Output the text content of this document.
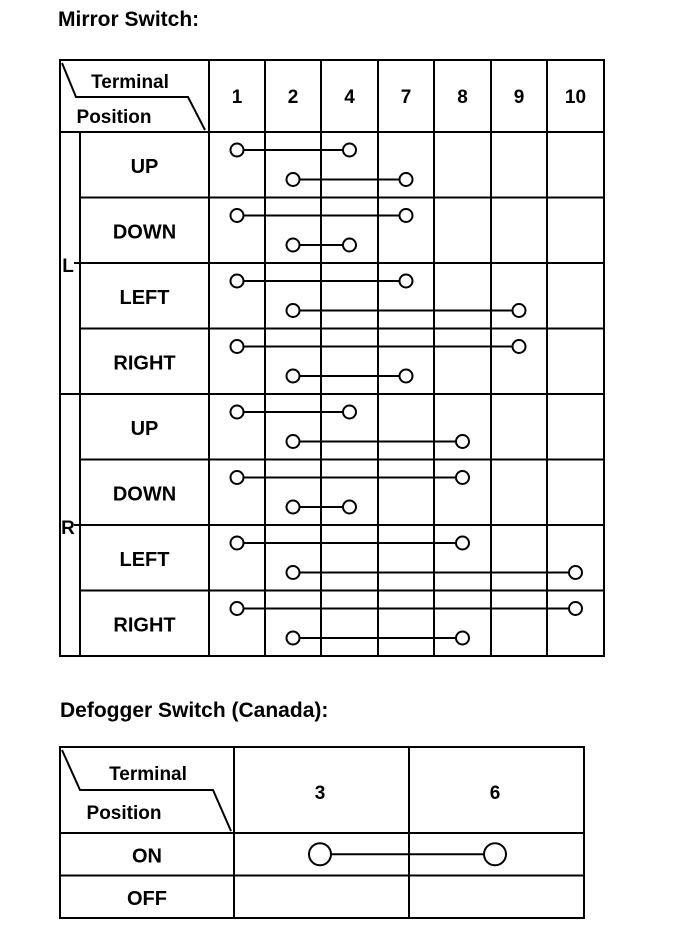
Mirror Switch:
Defogger Switch (Canada):
Terminal
Position
1 2 4 7 8 9 10
L
UP
DOWN
LEFT
RIGHT
R
UP
DOWN
LEFT
RIGHT
Terminal
Position
3	6
ON
OFF
